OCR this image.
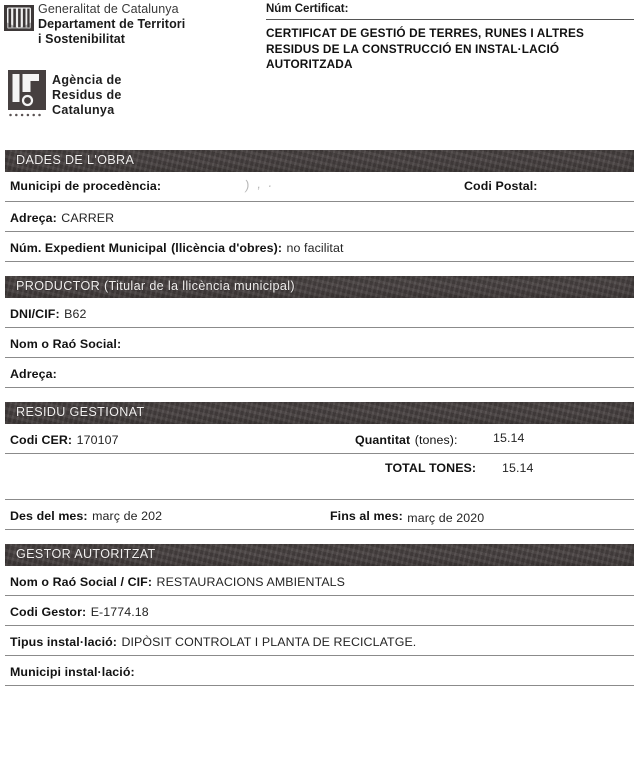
Generalitat de Catalunya
Departament de Territori
i Sostenibilitat
Agència de
Residus de
Catalunya
Núm Certificat:
CERTIFICAT DE GESTIÓ DE TERRES, RUNES I ALTRES RESIDUS DE LA CONSTRUCCIÓ EN INSTAL·LACIÓ AUTORITZADA
DADES DE L'OBRA
Municipi de procedència:	) , .	Codi Postal:
Adreça: CARRER
Núm. Expedient Municipal (llicència d'obres): no facilitat
PRODUCTOR (Titular de la llicència municipal)
DNI/CIF: B62
Nom o Raó Social:
Adreça:
RESIDU GESTIONAT
Codi CER: 170107	Quantitat (tones):	15.14
TOTAL TONES: 15.14
Des del mes: març de 202	Fins al mes: març de 2020
GESTOR AUTORITZAT
Nom o Raó Social / CIF: RESTAURACIONS AMBIENTALS
Codi Gestor: E-1774.18
Tipus instal·lació: DIPÒSIT CONTROLAT I PLANTA DE RECICLATGE.
Municipi instal·lació:
